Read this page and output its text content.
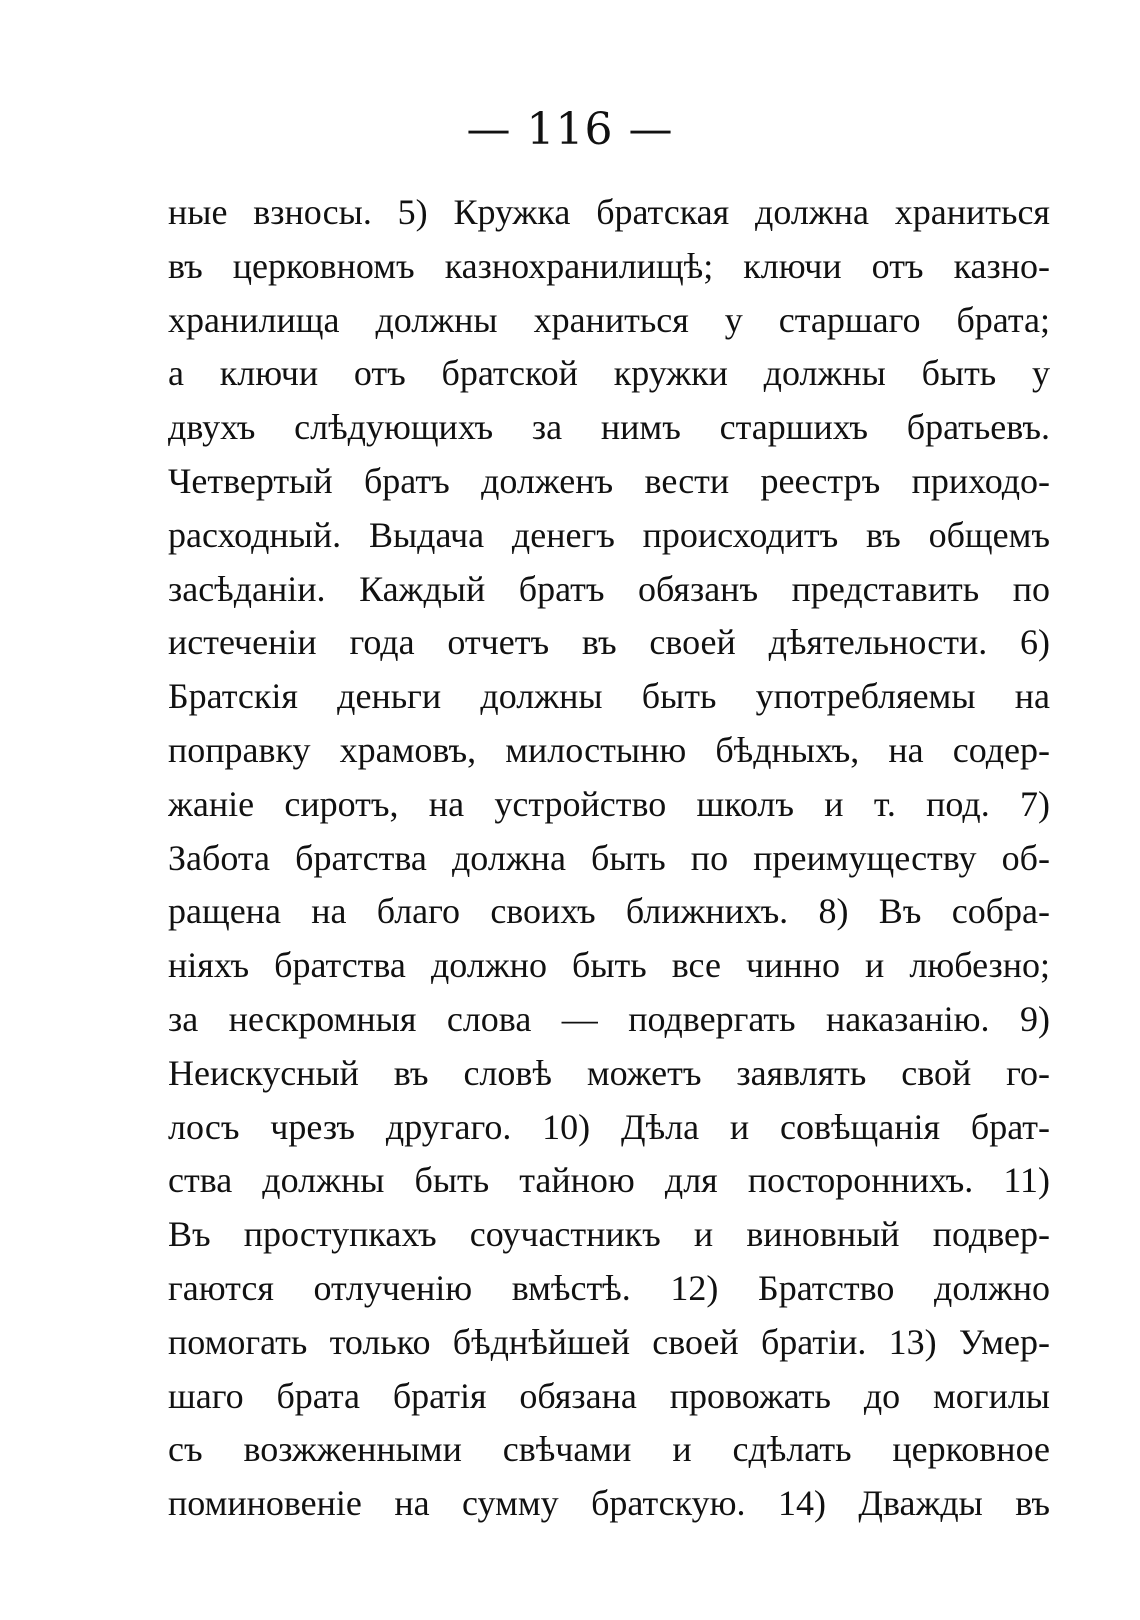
— 116 —
ные взносы. 5) Кружка братская должна храниться
въ церковномъ казнохранилищѣ; ключи отъ казно-
хранилища должны храниться у старшаго брата;
а ключи отъ братской кружки должны быть у
двухъ слѣдующихъ за нимъ старшихъ братьевъ.
Четвертый братъ долженъ вести реестръ приходо-
расходный. Выдача денегъ происходитъ въ общемъ
засѣданіи. Каждый братъ обязанъ представить по
истеченіи года отчетъ въ своей дѣятельности. 6)
Братскія деньги должны быть употребляемы на
поправку храмовъ, милостыню бѣдныхъ, на содер-
жаніе сиротъ, на устройство школъ и т. под. 7)
Забота братства должна быть по преимуществу об-
ращена на благо своихъ ближнихъ. 8) Въ собра-
ніяхъ братства должно быть все чинно и любезно;
за нескромныя слова — подвергать наказанію. 9)
Неискусный въ словѣ можетъ заявлять свой го-
лосъ чрезъ другаго. 10) Дѣла и совѣщанія брат-
ства должны быть тайною для постороннихъ. 11)
Въ проступкахъ соучастникъ и виновный подвер-
гаются отлученію вмѣстѣ. 12) Братство должно
помогать только бѣднѣйшей своей братіи. 13) Умер-
шаго брата братія обязана провожать до могилы
съ возжженными свѣчами и сдѣлать церковное
поминовеніе на сумму братскую. 14) Дважды въ
